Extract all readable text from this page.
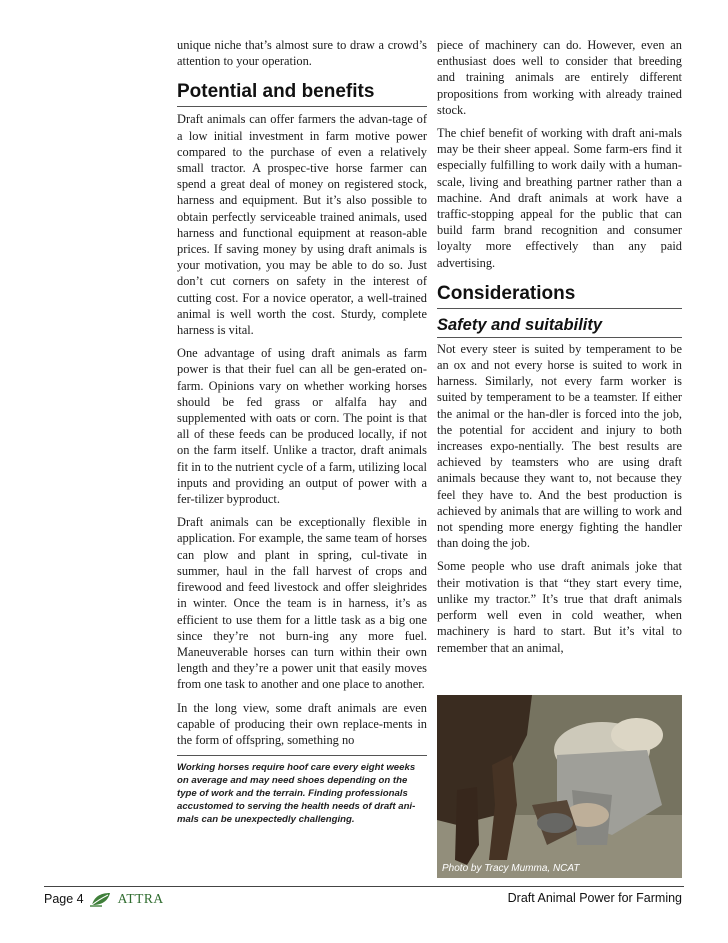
unique niche that’s almost sure to draw a crowd’s attention to your operation.

Potential and benefits

Draft animals can offer farmers the advan-tage of a low initial investment in farm motive power compared to the purchase of even a relatively small tractor. A prospec-tive horse farmer can spend a great deal of money on registered stock, harness and equipment. But it’s also possible to obtain perfectly serviceable trained animals, used harness and functional equipment at reason-able prices. If saving money by using draft animals is your motivation, you may be able to do so. Just don’t cut corners on safety in the interest of cutting cost. For a novice operator, a well-trained animal is well worth the cost. Sturdy, complete harness is vital.

One advantage of using draft animals as farm power is that their fuel can all be gen-erated on-farm. Opinions vary on whether working horses should be fed grass or alfalfa hay and supplemented with oats or corn. The point is that all of these feeds can be produced locally, if not on the farm itself. Unlike a tractor, draft animals fit in to the nutrient cycle of a farm, utilizing local inputs and providing an output of power with a fer-tilizer byproduct.

Draft animals can be exceptionally flexible in application. For example, the same team of horses can plow and plant in spring, cul-tivate in summer, haul in the fall harvest of crops and firewood and feed livestock and offer sleighrides in winter. Once the team is in harness, it’s as efficient to use them for a little task as a big one since they’re not burn-ing any more fuel. Maneuverable horses can turn within their own length and they’re a power unit that easily moves from one task to another and one place to another.

In the long view, some draft animals are even capable of producing their own replace-ments in the form of offspring, something no

Working horses require hoof care every eight weeks on average and may need shoes depending on the type of work and the terrain. Finding professionals accustomed to serving the health needs of draft ani-mals can be unexpectedly challenging.

piece of machinery can do. However, even an enthusiast does well to consider that breeding and training animals are entirely different propositions from working with already trained stock.

The chief benefit of working with draft ani-mals may be their sheer appeal. Some farm-ers find it especially fulfilling to work daily with a human-scale, living and breathing partner rather than a machine. And draft animals at work have a traffic-stopping appeal for the public that can build farm brand recognition and consumer loyalty more effectively than any paid advertising.

Considerations
Safety and suitability

Not every steer is suited by temperament to be an ox and not every horse is suited to work in harness. Similarly, not every farm worker is suited by temperament to be a teamster. If either the animal or the han-dler is forced into the job, the potential for accident and injury to both increases expo-nentially. The best results are achieved by teamsters who are using draft animals because they want to, not because they feel they have to. And the best production is achieved by animals that are willing to work and not spending more energy fighting the handler than doing the job.

Some people who use draft animals joke that their motivation is that “they start every time, unlike my tractor.” It’s true that draft animals perform well even in cold weather, when machinery is hard to start. But it’s vital to remember that an animal,

Photo by Tracy Mumma, NCAT
Page 4	ATTRA	Draft Animal Power for Farming
